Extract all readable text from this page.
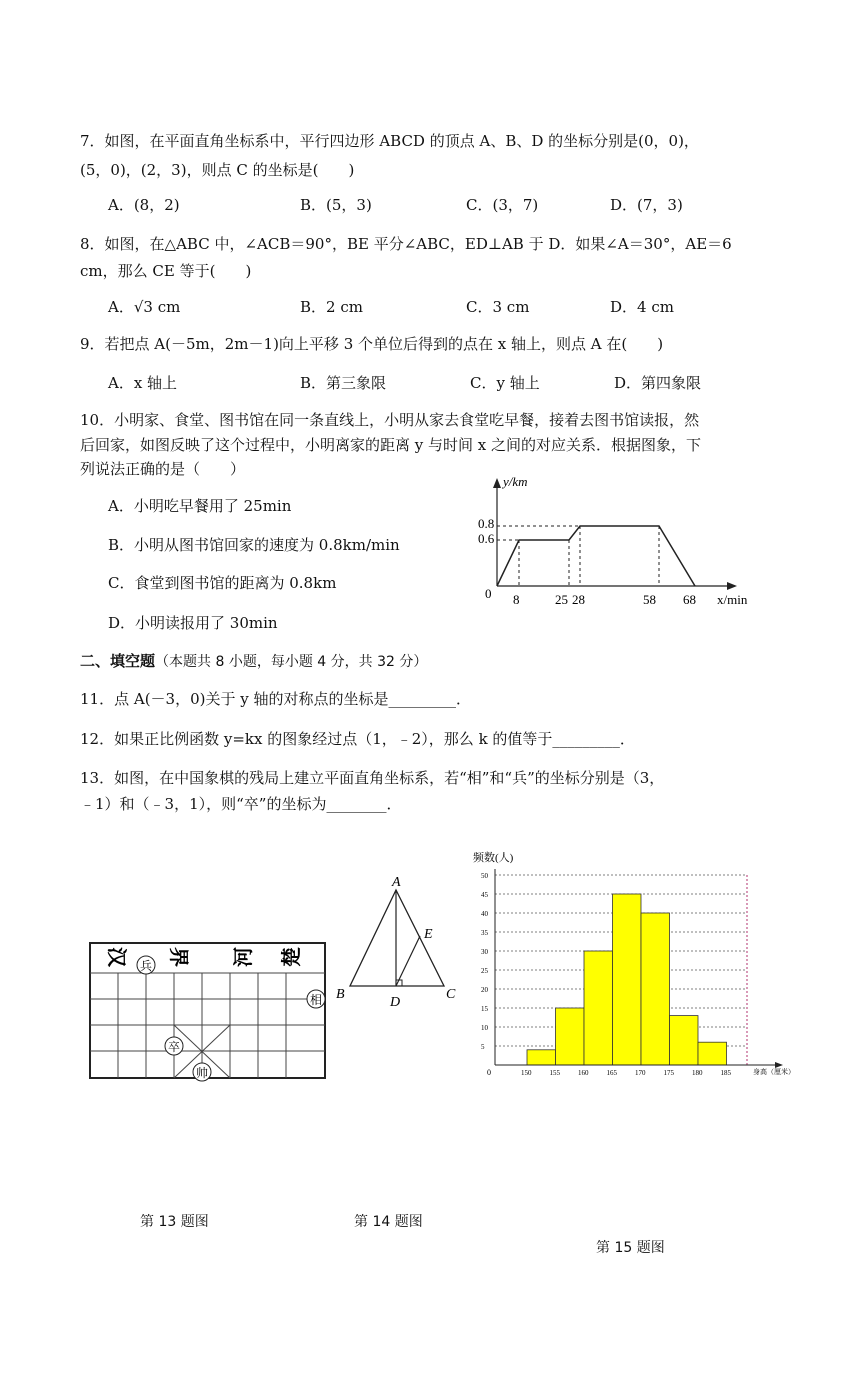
7．如图，在平面直角坐标系中，平行四边形 ABCD 的顶点 A、B、D 的坐标分别是(0，0)，
(5，0)，(2，3)，则点 C 的坐标是(　　)
A．(8，2)	B．(5，3)	C．(3，7)	D．(7，3)
8．如图，在△ABC 中，∠ACB＝90°，BE 平分∠ABC，ED⊥AB 于 D．如果∠A＝30°，AE＝6
cm，那么 CE 等于(　　)
A．√3 cm	B．2 cm	C．3 cm	D．4 cm
9．若把点 A(－5m，2m－1)向上平移 3 个单位后得到的点在 x 轴上，则点 A 在(　　)
A．x 轴上	B．第三象限	C．y 轴上	D．第四象限
10．小明家、食堂、图书馆在同一条直线上，小明从家去食堂吃早餐，接着去图书馆读报，然
后回家，如图反映了这个过程中，小明离家的距离 y 与时间 x 之间的对应关系．根据图象，下
列说法正确的是（　　）
A．小明吃早餐用了 25min
B．小明从图书馆回家的速度为 0.8km/min
C．食堂到图书馆的距离为 0.8km
D．小明读报用了 30min
y/km
x/min
0
0.8
0.6
8	25 28	58 68
二、填空题（本题共 8 小题，每小题 4 分，共 32 分）
11．点 A(－3，0)关于 y 轴的对称点的坐标是_________．
12．如果正比例函数 y=kx 的图象经过点（1，﹣2），那么 k 的值等于_________．
13．如图，在中国象棋的残局上建立平面直角坐标系，若“相”和“兵”的坐标分别是（3，
﹣1）和（﹣3，1），则“卒”的坐标为________．
汉 界 河 楚
兵
相
卒
帅
A
B	C
D
E
频数(人)
5
10
15
20
25
30
35
40
45
50
150	155	160	165	170	175	180	185
0	身高（厘米）
第 13 题图	第 14 题图
第 15 题图
